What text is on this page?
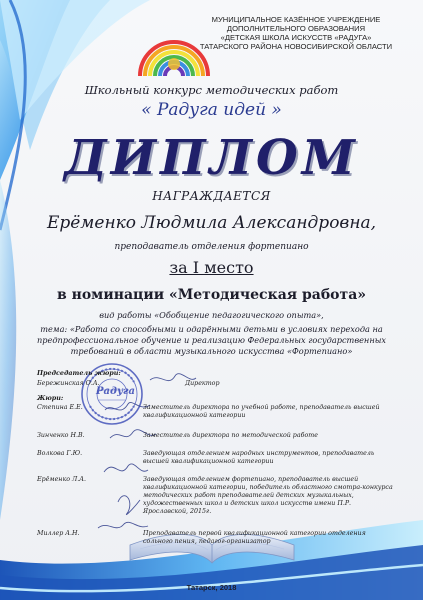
МУНИЦИПАЛЬНОЕ КАЗЁННОЕ УЧРЕЖДЕНИЕ
ДОПОЛНИТЕЛЬНОГО ОБРАЗОВАНИЯ
«ДЕТСКАЯ ШКОЛА ИСКУССТВ «РАДУГА»
ТАТАРСКОГО РАЙОНА НОВОСИБИРСКОЙ ОБЛАСТИ
Школьный конкурс методических работ
« Радуга идей »
ДИПЛОМ
НАГРАЖДАЕТСЯ
Ерёменко Людмила Александровна,
преподаватель отделения фортепиано
за I место
в номинации «Методическая работа»
вид работы «Обобщение педагогического опыта»,
тема: «Работа со способными и одарёнными детьми в условиях перехода на
предпрофессиональное обучение и реализацию Федеральных государственных
требований в области музыкального искусства «Фортепиано»
Радуга
Председатель жюри:
Бережинская О.А.	Директор
Жюри:
Степина Е.Е.	Заместитель директора по учебной работе, преподаватель высшей квалификационной категории
Зинченко Н.В.	Заместитель директора по методической работе
Волкова Г.Ю.	Заведующая отделением народных инструментов, преподаватель высшей квалификационной категории
Ерёменко Л.А.	Заведующая отделением фортепиано, преподаватель высшей квалификационной категории, победитель областного смотра-конкурса методических работ преподавателей детских музыкальных, художественных школ и детских школ искусств имени П.Р. Ярославской, 2015г.
Миллер А.Н.	Преподаватель первой квалификационной категории отделения сольного пения, педагог-организатор
Татарск, 2018
